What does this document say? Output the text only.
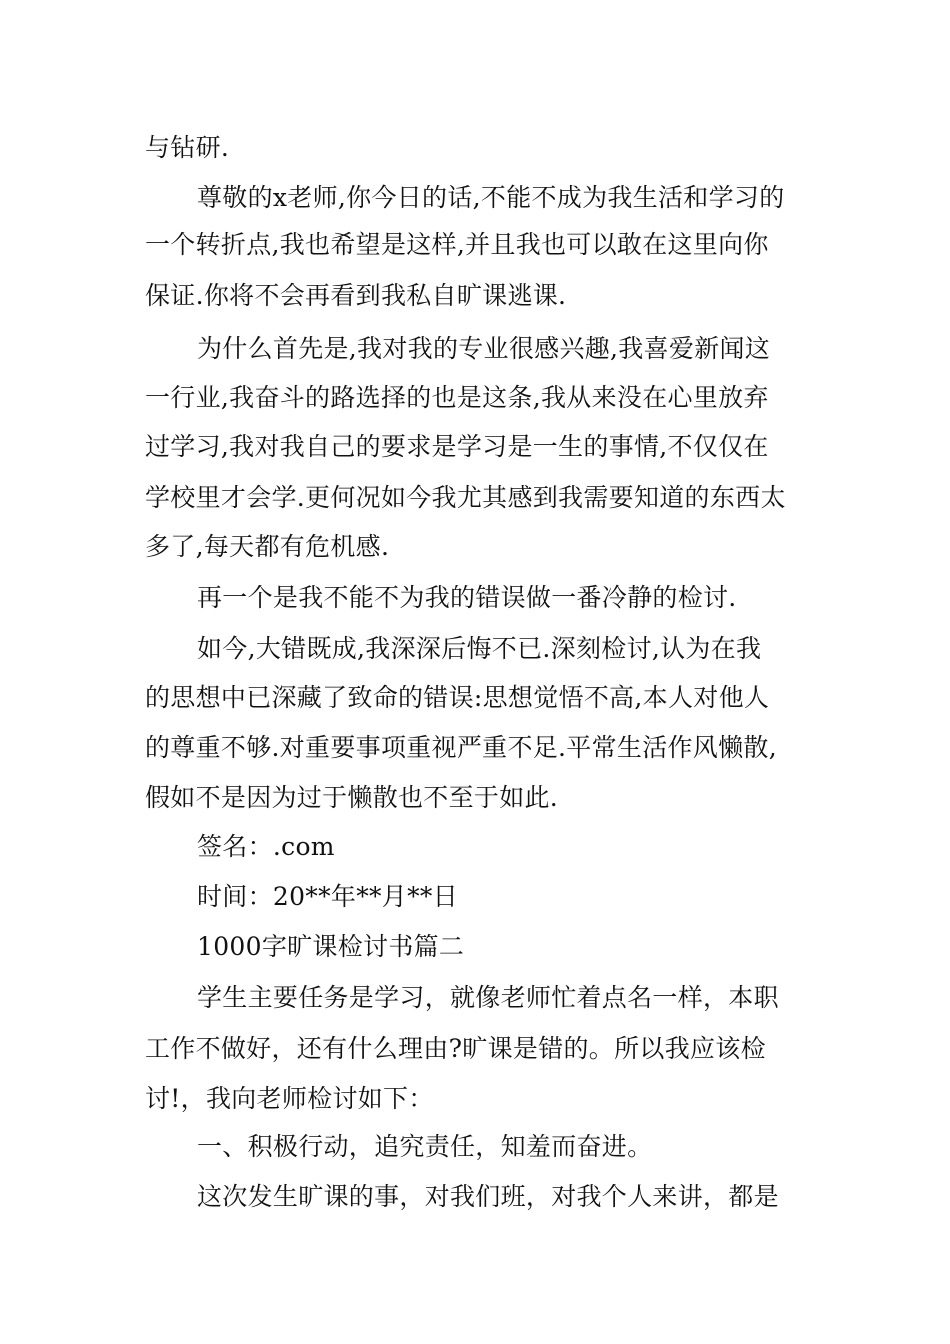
与钻研.
尊敬的x老师,你今日的话,不能不成为我生活和学习的
一个转折点,我也希望是这样,并且我也可以敢在这里向你
保证.你将不会再看到我私自旷课逃课.
为什么首先是,我对我的专业很感兴趣,我喜爱新闻这
一行业,我奋斗的路选择的也是这条,我从来没在心里放弃
过学习,我对我自己的要求是学习是一生的事情,不仅仅在
学校里才会学.更何况如今我尤其感到我需要知道的东西太
多了,每天都有危机感.
再一个是我不能不为我的错误做一番冷静的检讨.
如今,大错既成,我深深后悔不已.深刻检讨,认为在我
的思想中已深藏了致命的错误:思想觉悟不高,本人对他人
的尊重不够.对重要事项重视严重不足.平常生活作风懒散,
假如不是因为过于懒散也不至于如此.
签名：.com
时间：20**年**月**日
1000字旷课检讨书篇二
学生主要任务是学习，就像老师忙着点名一样，本职
工作不做好，还有什么理由?旷课是错的。所以我应该检
讨!，我向老师检讨如下：
一、积极行动，追究责任，知羞而奋进。
这次发生旷课的事，对我们班，对我个人来讲，都是
